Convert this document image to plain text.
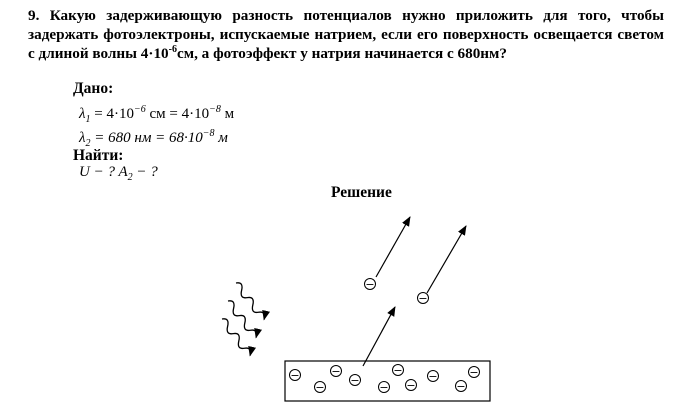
9. Какую задерживающую разность потенциалов нужно приложить для того, чтобы задержать фотоэлектроны, испускаемые натрием, если его поверхность освещается светом с длиной волны $4\cdot 10^{-6}см$, а фотоэффект у натрия начинается с 680нм?
Дано:
$\lambda_1 = 4\cdot 10^{-6}$ см = $4\cdot 10^{-8}$ м
$\lambda_2 = 680$ нм = $68\cdot 10^{-8}$ м
Найти:
U − ? $A_2$ − ?
Решение
−
−
−	−
−
−
−
−
−
−
−
−
